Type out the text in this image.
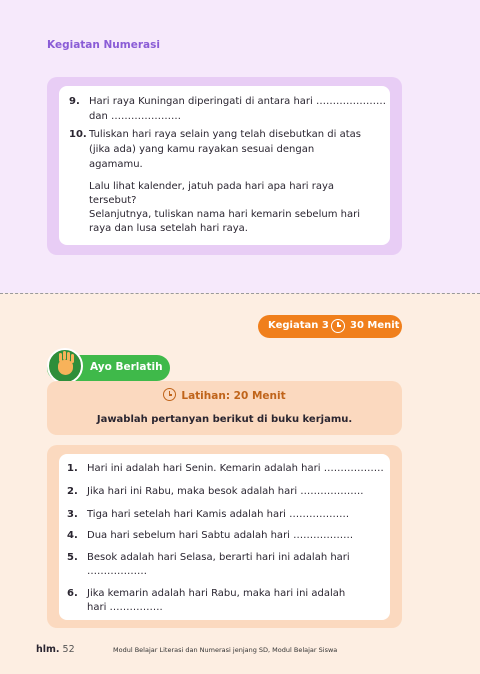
Kegiatan Numerasi
9. Hari raya Kuningan diperingati di antara hari …………………
dan …………………
10. Tuliskan hari raya selain yang telah disebutkan di atas
(jika ada) yang kamu rayakan sesuai dengan
agamamu.
Lalu lihat kalender, jatuh pada hari apa hari raya
tersebut?
Selanjutnya, tuliskan nama hari kemarin sebelum hari
raya dan lusa setelah hari raya.
Kegiatan 3 30 Menit
Ayo Berlatih
Latihan: 20 Menit
Jawablah pertanyan berikut di buku kerjamu.
1. Hari ini adalah hari Senin. Kemarin adalah hari ………………
2. Jika hari ini Rabu, maka besok adalah hari ……………….
3. Tiga hari setelah hari Kamis adalah hari ………………
4. Dua hari sebelum hari Sabtu adalah hari ………………
5. Besok adalah hari Selasa, berarti hari ini adalah hari
………………
6. Jika kemarin adalah hari Rabu, maka hari ini adalah
hari …………….
hlm. 52	Modul Belajar Literasi dan Numerasi jenjang SD, Modul Belajar Siswa
